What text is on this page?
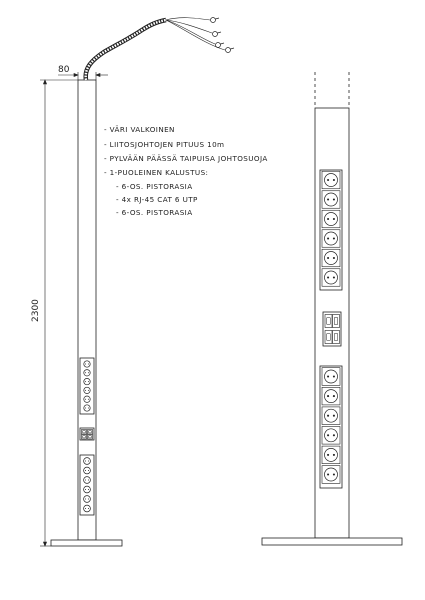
80
2300
- VÄRI VALKOINEN
- LIITOSJOHTOJEN PITUUS 10m
- PYLVÄÄN PÄÄSSÄ TAIPUISA JOHTOSUOJA
- 1-PUOLEINEN KALUSTUS:
- 6-OS. PISTORASIA
- 4x RJ-45 CAT 6 UTP
- 6-OS. PISTORASIA
